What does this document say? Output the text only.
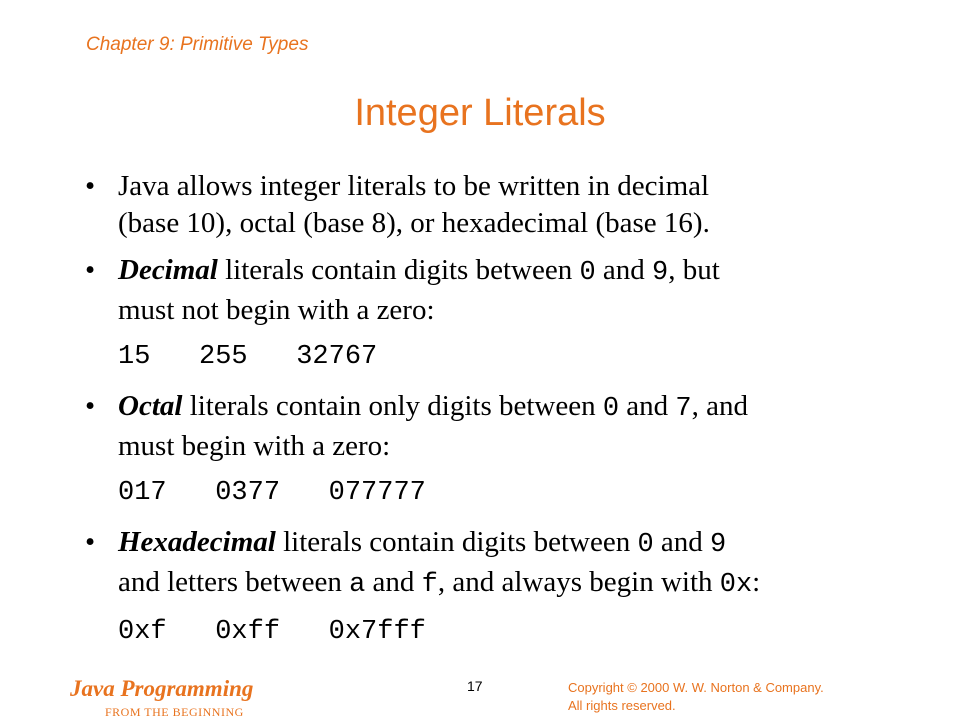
Chapter 9: Primitive Types
Integer Literals
• Java allows integer literals to be written in decimal
(base 10), octal (base 8), or hexadecimal (base 16).
• Decimal literals contain digits between 0 and 9, but
must not begin with a zero:
15   255   32767
• Octal literals contain only digits between 0 and 7, and
must begin with a zero:
017   0377   077777
• Hexadecimal literals contain digits between 0 and 9
and letters between a and f, and always begin with 0x:
0xf   0xff   0x7fff
Java Programming
FROM THE BEGINNING
17	Copyright © 2000 W. W. Norton & Company.
All rights reserved.
